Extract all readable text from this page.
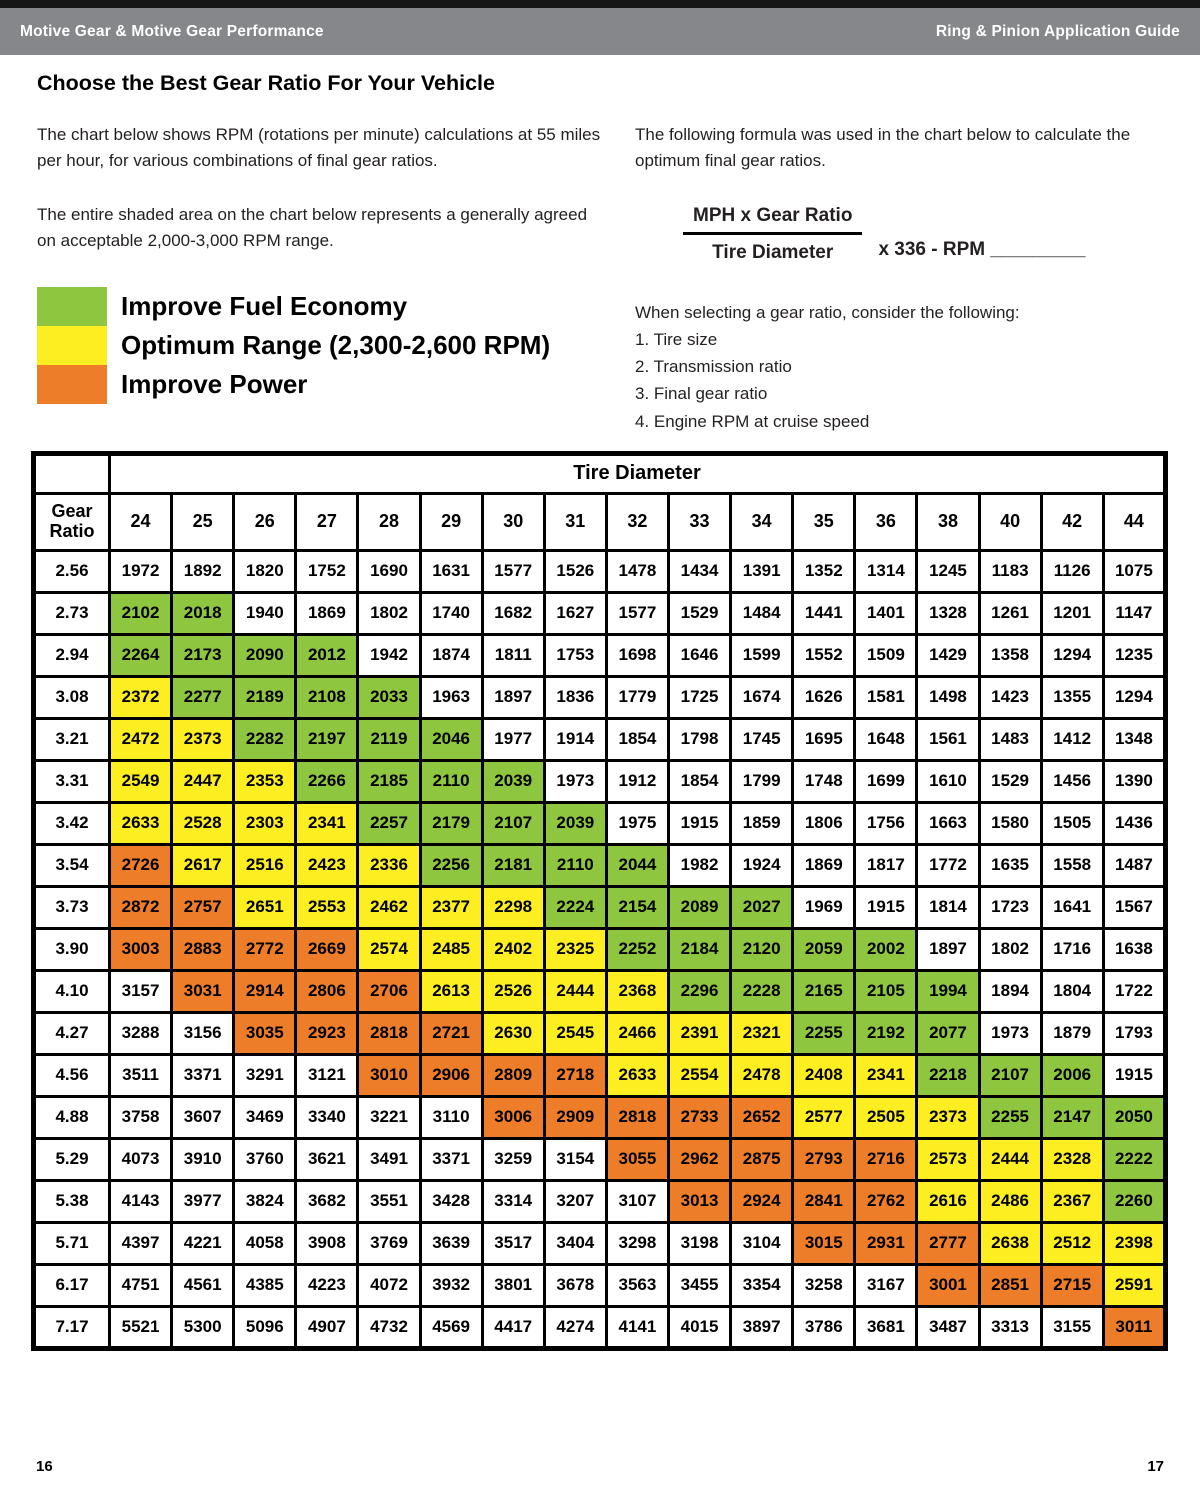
Motive Gear & Motive Gear Performance	Ring & Pinion Application Guide
Choose the Best Gear Ratio For Your Vehicle

The chart below shows RPM (rotations per minute) calculations at 55 miles per hour, for various combinations of final gear ratios.

The entire shaded area on the chart below represents a generally agreed on acceptable 2,000-3,000 RPM range.

Improve Fuel Economy
Optimum Range (2,300-2,600 RPM)
Improve Power

The following formula was used in the chart below to calculate the optimum final gear ratios.

$\frac{\text{MPH x Gear Ratio}}{\text{Tire Diameter}}$ x 336 - RPM _________

When selecting a gear ratio, consider the following:

1. Tire size

2. Transmission ratio

3. Final gear ratio

4. Engine RPM at cruise speed

	Tire Diameter																
Gear Ratio	24	25	26	27	28	29	30	31	32	33	34	35	36	38	40	42	44
2.56	1972	1892	1820	1752	1690	1631	1577	1526	1478	1434	1391	1352	1314	1245	1183	1126	1075
2.73	2102	2018	1940	1869	1802	1740	1682	1627	1577	1529	1484	1441	1401	1328	1261	1201	1147
2.94	2264	2173	2090	2012	1942	1874	1811	1753	1698	1646	1599	1552	1509	1429	1358	1294	1235
3.08	2372	2277	2189	2108	2033	1963	1897	1836	1779	1725	1674	1626	1581	1498	1423	1355	1294
3.21	2472	2373	2282	2197	2119	2046	1977	1914	1854	1798	1745	1695	1648	1561	1483	1412	1348
3.31	2549	2447	2353	2266	2185	2110	2039	1973	1912	1854	1799	1748	1699	1610	1529	1456	1390
3.42	2633	2528	2303	2341	2257	2179	2107	2039	1975	1915	1859	1806	1756	1663	1580	1505	1436
3.54	2726	2617	2516	2423	2336	2256	2181	2110	2044	1982	1924	1869	1817	1772	1635	1558	1487
3.73	2872	2757	2651	2553	2462	2377	2298	2224	2154	2089	2027	1969	1915	1814	1723	1641	1567
3.90	3003	2883	2772	2669	2574	2485	2402	2325	2252	2184	2120	2059	2002	1897	1802	1716	1638
4.10	3157	3031	2914	2806	2706	2613	2526	2444	2368	2296	2228	2165	2105	1994	1894	1804	1722
4.27	3288	3156	3035	2923	2818	2721	2630	2545	2466	2391	2321	2255	2192	2077	1973	1879	1793
4.56	3511	3371	3291	3121	3010	2906	2809	2718	2633	2554	2478	2408	2341	2218	2107	2006	1915
4.88	3758	3607	3469	3340	3221	3110	3006	2909	2818	2733	2652	2577	2505	2373	2255	2147	2050
5.29	4073	3910	3760	3621	3491	3371	3259	3154	3055	2962	2875	2793	2716	2573	2444	2328	2222
5.38	4143	3977	3824	3682	3551	3428	3314	3207	3107	3013	2924	2841	2762	2616	2486	2367	2260
5.71	4397	4221	4058	3908	3769	3639	3517	3404	3298	3198	3104	3015	2931	2777	2638	2512	2398
6.17	4751	4561	4385	4223	4072	3932	3801	3678	3563	3455	3354	3258	3167	3001	2851	2715	2591
7.17	5521	5300	5096	4907	4732	4569	4417	4274	4141	4015	3897	3786	3681	3487	3313	3155	3011
16	17
